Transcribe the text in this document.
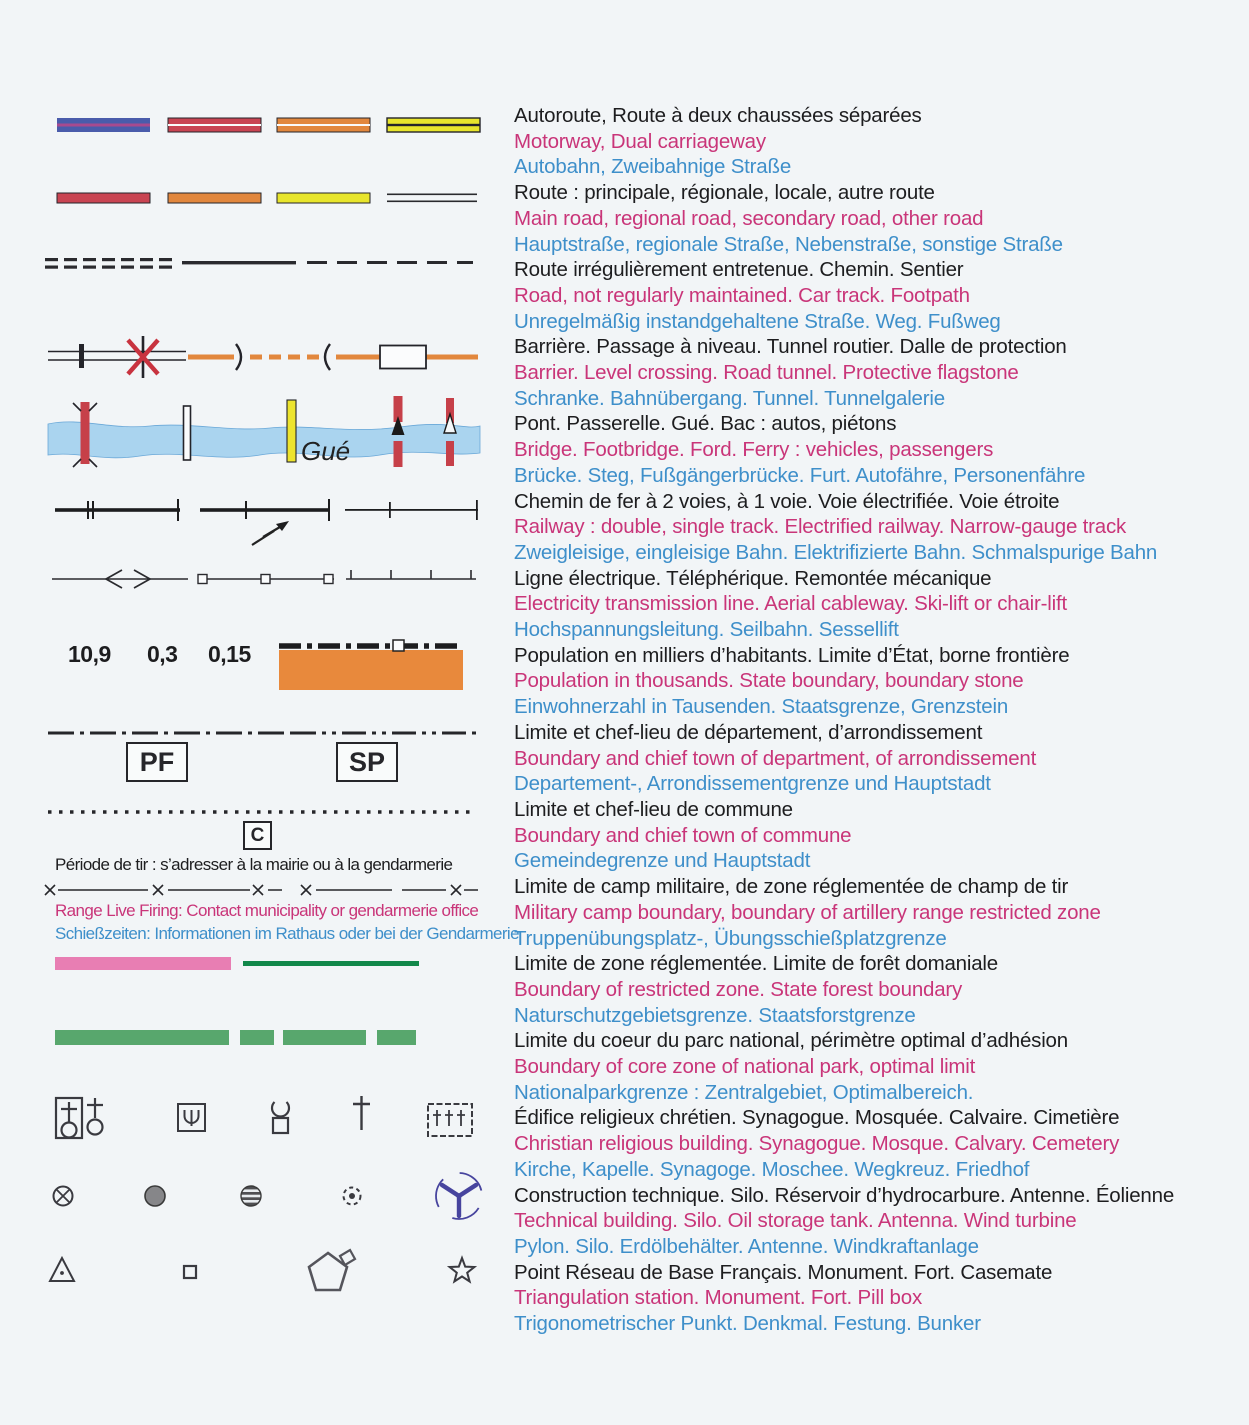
Gué
10,9 0,3 0,15
PF	SP
C
Période de tir : s’adresser à la mairie ou à la gendarmerie
Range Live Firing: Contact municipality or gendarmerie office
Schießzeiten: Informationen im Rathaus oder bei der Gendarmerie
Autoroute, Route à deux chaussées séparées
Motorway, Dual carriageway
Autobahn, Zweibahnige Straße
Route : principale, régionale, locale, autre route
Main road, regional road, secondary road, other road
Hauptstraße, regionale Straße, Nebenstraße, sonstige Straße
Route irrégulièrement entretenue. Chemin. Sentier
Road, not regularly maintained. Car track. Footpath
Unregelmäßig instandgehaltene Straße. Weg. Fußweg
Barrière. Passage à niveau. Tunnel routier. Dalle de protection
Barrier. Level crossing. Road tunnel. Protective flagstone
Schranke. Bahnübergang. Tunnel. Tunnelgalerie
Pont. Passerelle. Gué. Bac : autos, piétons
Bridge. Footbridge. Ford. Ferry : vehicles, passengers
Brücke. Steg, Fußgängerbrücke. Furt. Autofähre, Personenfähre
Chemin de fer à 2 voies, à 1 voie. Voie électrifiée. Voie étroite
Railway : double, single track. Electrified railway. Narrow-gauge track
Zweigleisige, eingleisige Bahn. Elektrifizierte Bahn. Schmalspurige Bahn
Ligne électrique. Téléphérique. Remontée mécanique
Electricity transmission line. Aerial cableway. Ski-lift or chair-lift
Hochspannungsleitung. Seilbahn. Sessellift
Population en milliers d’habitants. Limite d’État, borne frontière
Population in thousands. State boundary, boundary stone
Einwohnerzahl in Tausenden. Staatsgrenze, Grenzstein
Limite et chef-lieu de département, d’arrondissement
Boundary and chief town of department, of arrondissement
Departement-, Arrondissementgrenze und Hauptstadt
Limite et chef-lieu de commune
Boundary and chief town of commune
Gemeindegrenze und Hauptstadt
Limite de camp militaire, de zone réglementée de champ de tir
Military camp boundary, boundary of artillery range restricted zone
Truppenübungsplatz-, Übungsschießplatzgrenze
Limite de zone réglementée. Limite de forêt domaniale
Boundary of restricted zone. State forest boundary
Naturschutzgebietsgrenze. Staatsforstgrenze
Limite du coeur du parc national, périmètre optimal d’adhésion
Boundary of core zone of national park, optimal limit
Nationalparkgrenze : Zentralgebiet, Optimalbereich.
Édifice religieux chrétien. Synagogue. Mosquée. Calvaire. Cimetière
Christian religious building. Synagogue. Mosque. Calvary. Cemetery
Kirche, Kapelle. Synagoge. Moschee. Wegkreuz. Friedhof
Construction technique. Silo. Réservoir d’hydrocarbure. Antenne. Éolienne
Technical building. Silo. Oil storage tank. Antenna. Wind turbine
Pylon. Silo. Erdölbehälter. Antenne. Windkraftanlage
Point Réseau de Base Français. Monument. Fort. Casemate
Triangulation station. Monument. Fort. Pill box
Trigonometrischer Punkt. Denkmal. Festung. Bunker
